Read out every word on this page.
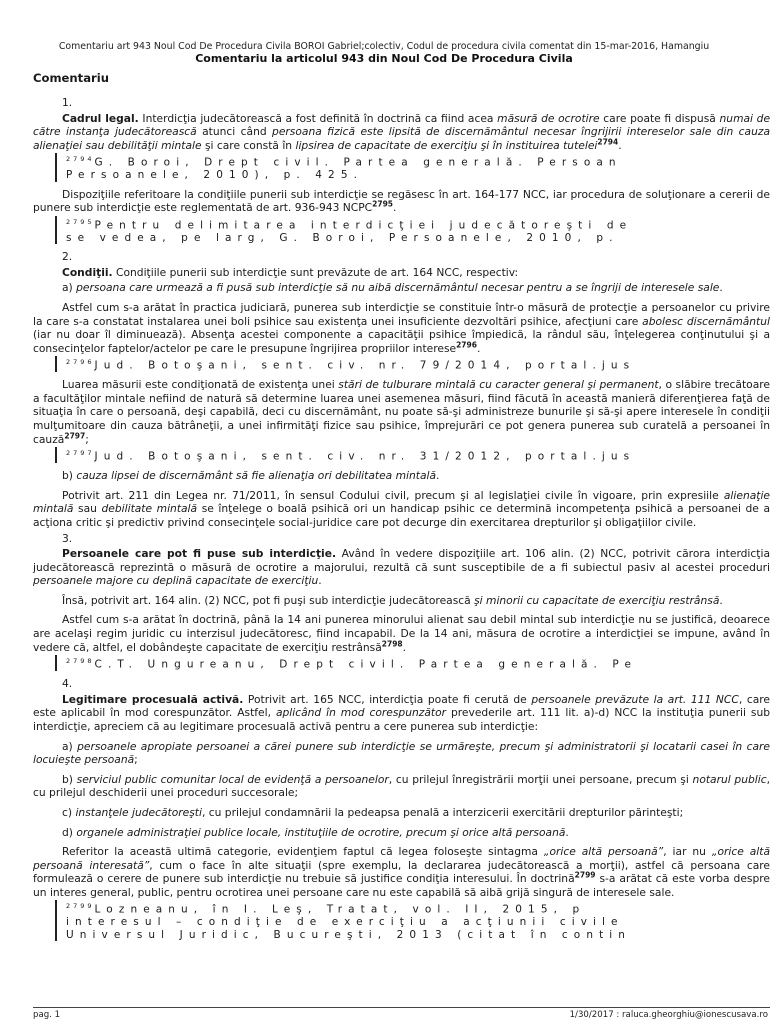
Comentariu art 943 Noul Cod De Procedura Civila BOROI Gabriel;colectiv, Codul de procedura civila comentat din 15-mar-2016, Hamangiu
Comentariu la articolul 943 din Noul Cod De Procedura Civila
Comentariu
1.
Cadrul legal. Interdicţia judecătorească a fost definită în doctrină ca fiind acea măsură de ocrotire care poate fi dispusă numai de către instanţa judecătorească atunci când persoana fizică este lipsită de discernământul necesar îngrijirii intereselor sale din cauza alienaţiei sau debilităţii mintale şi care constă în lipsirea de capacitate de exerciţiu şi în instituirea tutelei$^{2794}$.
$^{2794}$G. Boroi, Drept civil. Partea generală. Persoan
Persoanele, 2010), p. 425.
Dispoziţiile referitoare la condiţiile punerii sub interdicţie se regăsesc în art. 164-177 NCC, iar procedura de soluţionare a cererii de punere sub interdicţie este reglementată de art. 936-943 $NCPC^{2795}$.
$^{2795}$Pentru delimitarea interdicţiei judecătoreşti de
se vedea, pe larg, G. Boroi, Persoanele, 2010, p.
2.
Condiţii. Condiţiile punerii sub interdicţie sunt prevăzute de art. 164 NCC, respectiv:
a) persoana care urmează a fi pusă sub interdicţie să nu aibă discernământul necesar pentru a se îngriji de interesele sale.
Astfel cum s-a arătat în practica judiciară, punerea sub interdicţie se constituie într-o măsură de protecţie a persoanelor cu privire la care s-a constatat instalarea unei boli psihice sau existenţa unei insuficiente dezvoltări psihice, afecţiuni care abolesc discernământul (iar nu doar îl diminuează). Absenţa acestei componente a capacităţii psihice împiedică, la rândul său, înţelegerea conţinutului şi a consecinţelor faptelor/actelor pe care le presupune îngrijirea propriilor interese$^{2796}$.
$^{2796}$Jud. Botoşani, sent. civ. nr. 79/2014, portal.jus
Luarea măsurii este condiţionată de existenţa unei stări de tulburare mintală cu caracter general şi permanent, o slăbire trecătoare a facultăţilor mintale nefiind de natură să determine luarea unei asemenea măsuri, fiind făcută în această manieră diferenţierea faţă de situaţia în care o persoană, deşi capabilă, deci cu discernământ, nu poate să-şi administreze bunurile şi să-şi apere interesele în condiţii mulţumitoare din cauza bătrâneţii, a unei infirmităţi fizice sau psihice, împrejurări ce pot genera punerea sub curatelă a persoanei în cauză$^{2797}$;
$^{2797}$Jud. Botoşani, sent. civ. nr. 31/2012, portal.jus
b) cauza lipsei de discernământ să fie alienaţia ori debilitatea mintală.
Potrivit art. 211 din Legea nr. 71/2011, în sensul Codului civil, precum şi al legislaţiei civile în vigoare, prin expresiile alienaţie mintală sau debilitate mintală se înţelege o boală psihică ori un handicap psihic ce determină incompetenţa psihică a persoanei de a acţiona critic şi predictiv privind consecinţele social-juridice care pot decurge din exercitarea drepturilor şi obligaţiilor civile.
3.
Persoanele care pot fi puse sub interdicţie. Având în vedere dispoziţiile art. 106 alin. (2) NCC, potrivit cărora interdicţia judecătorească reprezintă o măsură de ocrotire a majorului, rezultă că sunt susceptibile de a fi subiectul pasiv al acestei proceduri persoanele majore cu deplină capacitate de exerciţiu.
Însă, potrivit art. 164 alin. (2) NCC, pot fi puşi sub interdicţie judecătorească şi minorii cu capacitate de exerciţiu restrânsă.
Astfel cum s-a arătat în doctrină, până la 14 ani punerea minorului alienat sau debil mintal sub interdicţie nu se justifică, deoarece are acelaşi regim juridic cu interzisul judecătoresc, fiind incapabil. De la 14 ani, măsura de ocrotire a interdicţiei se impune, având în vedere că, altfel, el dobândeşte capacitate de exerciţiu restrânsă$^{2798}$.
$^{2798}$C.T. Ungureanu, Drept civil. Partea generală. Pe
4.
Legitimare procesuală activă. Potrivit art. 165 NCC, interdicţia poate fi cerută de persoanele prevăzute la art. 111 NCC, care este aplicabil în mod corespunzător. Astfel, aplicând în mod corespunzător prevederile art. 111 lit. a)-d) NCC la instituţia punerii sub interdicţie, apreciem că au legitimare procesuală activă pentru a cere punerea sub interdicţie:
a) persoanele apropiate persoanei a cărei punere sub interdicţie se urmăreşte, precum şi administratorii şi locatarii casei în care locuieşte persoană;
b) serviciul public comunitar local de evidenţă a persoanelor, cu prilejul înregistrării morţii unei persoane, precum şi notarul public, cu prilejul deschiderii unei proceduri succesorale;
c) instanţele judecătoreşti, cu prilejul condamnării la pedeapsa penală a interzicerii exercitării drepturilor părinteşti;
d) organele administraţiei publice locale, instituţiile de ocrotire, precum şi orice altă persoană.
Referitor la această ultimă categorie, evidenţiem faptul că legea foloseşte sintagma „orice altă persoană”, iar nu „orice altă persoană interesată”, cum o face în alte situaţii (spre exemplu, la declararea judecătorească a morţii), astfel că persoana care formulează o cerere de punere sub interdicţie nu trebuie să justifice condiţia interesului. În doctrină$^{2799}$ s-a arătat că este vorba despre un interes general, public, pentru ocrotirea unei persoane care nu este capabilă să aibă grijă singură de interesele sale.
$^{2799}$Lozneanu, în I. Leş, Tratat, vol. II, 2015, p
interesul – condiţie de exerciţiu a acţiunii civile
Universul Juridic, Bucureşti, 2013 (citat în contin
pag. 1	1/30/2017 : raluca.gheorghiu@ionescusava.ro
